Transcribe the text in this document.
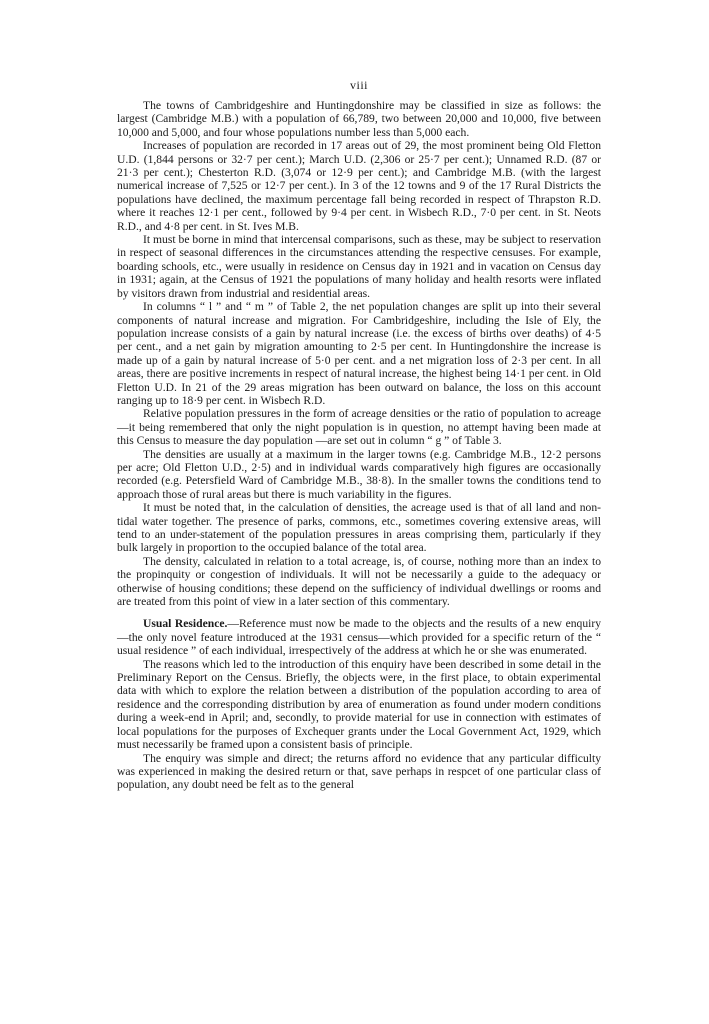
viii

The towns of Cambridgeshire and Huntingdonshire may be classified in size as follows: the largest (Cambridge M.B.) with a population of 66,789, two between 20,000 and 10,000, five between 10,000 and 5,000, and four whose populations number less than 5,000 each.

Increases of population are recorded in 17 areas out of 29, the most prominent being Old Fletton U.D. (1,844 persons or 32·7 per cent.); March U.D. (2,306 or 25·7 per cent.); Unnamed R.D. (87 or 21·3 per cent.); Chesterton R.D. (3,074 or 12·9 per cent.); and Cambridge M.B. (with the largest numerical increase of 7,525 or 12·7 per cent.). In 3 of the 12 towns and 9 of the 17 Rural Districts the populations have declined, the maximum percentage fall being recorded in respect of Thrapston R.D. where it reaches 12·1 per cent., followed by 9·4 per cent. in Wisbech R.D., 7·0 per cent. in St. Neots R.D., and 4·8 per cent. in St. Ives M.B.

It must be borne in mind that intercensal comparisons, such as these, may be subject to reservation in respect of seasonal differences in the circumstances attending the respective censuses. For example, boarding schools, etc., were usually in residence on Census day in 1921 and in vacation on Census day in 1931; again, at the Census of 1921 the populations of many holiday and health resorts were inflated by visitors drawn from industrial and residential areas.

In columns “ l ” and “ m ” of Table 2, the net population changes are split up into their several components of natural increase and migration. For Cambridgeshire, including the Isle of Ely, the population increase consists of a gain by natural increase (i.e. the excess of births over deaths) of 4·5 per cent., and a net gain by migration amounting to 2·5 per cent. In Huntingdonshire the increase is made up of a gain by natural increase of 5·0 per cent. and a net migration loss of 2·3 per cent. In all areas, there are positive increments in respect of natural increase, the highest being 14·1 per cent. in Old Fletton U.D. In 21 of the 29 areas migration has been outward on balance, the loss on this account ranging up to 18·9 per cent. in Wisbech R.D.

Relative population pressures in the form of acreage densities or the ratio of population to acreage—it being remembered that only the night population is in question, no attempt having been made at this Census to measure the day population —are set out in column “ g ” of Table 3.

The densities are usually at a maximum in the larger towns (e.g. Cambridge M.B., 12·2 persons per acre; Old Fletton U.D., 2·5) and in individual wards comparatively high figures are occasionally recorded (e.g. Petersfield Ward of Cambridge M.B., 38·8). In the smaller towns the conditions tend to approach those of rural areas but there is much variability in the figures.

It must be noted that, in the calculation of densities, the acreage used is that of all land and non-tidal water together. The presence of parks, commons, etc., sometimes covering extensive areas, will tend to an under-statement of the population pressures in areas comprising them, particularly if they bulk largely in proportion to the occupied balance of the total area.

The density, calculated in relation to a total acreage, is, of course, nothing more than an index to the propinquity or congestion of individuals. It will not be necessarily a guide to the adequacy or otherwise of housing conditions; these depend on the sufficiency of individual dwellings or rooms and are treated from this point of view in a later section of this commentary.

Usual Residence.—Reference must now be made to the objects and the results of a new enquiry—the only novel feature introduced at the 1931 census—which provided for a specific return of the “ usual residence ” of each individual, irrespectively of the address at which he or she was enumerated.

The reasons which led to the introduction of this enquiry have been described in some detail in the Preliminary Report on the Census. Briefly, the objects were, in the first place, to obtain experimental data with which to explore the relation between a distribution of the population according to area of residence and the corresponding distribution by area of enumeration as found under modern conditions during a week-end in April; and, secondly, to provide material for use in connection with estimates of local populations for the purposes of Exchequer grants under the Local Government Act, 1929, which must necessarily be framed upon a consistent basis of principle.

The enquiry was simple and direct; the returns afford no evidence that any particular difficulty was experienced in making the desired return or that, save perhaps in respcet of one particular class of population, any doubt need be felt as to the general
